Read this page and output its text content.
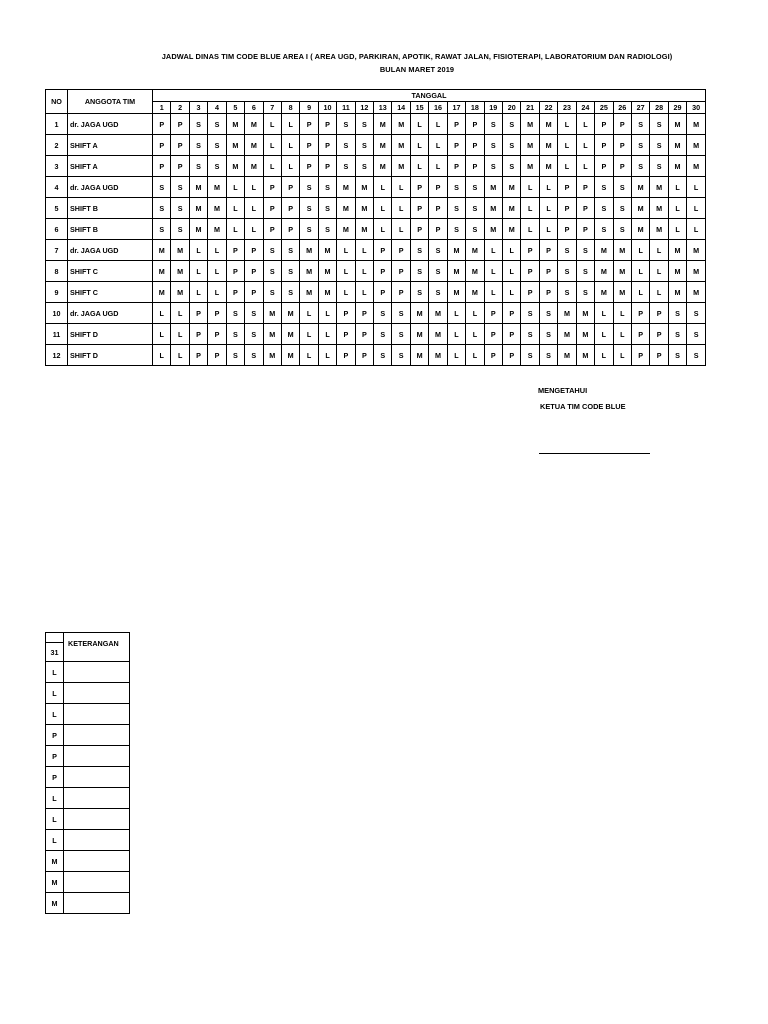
JADWAL DINAS TIM CODE BLUE AREA I ( AREA UGD, PARKIRAN, APOTIK, RAWAT JALAN, FISIOTERAPI, LABORATORIUM DAN RADIOLOGI)
BULAN MARET 2019
NO	ANGGOTA TIM	TANGGAL																													
		1	2	3	4	5	6	7	8	9	10	11	12	13	14	15	16	17	18	19	20	21	22	23	24	25	26	27	28	29	30
1	dr. JAGA UGD	P	P	S	S	M	M	L	L	P	P	S	S	M	M	L	L	P	P	S	S	M	M	L	L	P	P	S	S	M	M
2	SHIFT A	P	P	S	S	M	M	L	L	P	P	S	S	M	M	L	L	P	P	S	S	M	M	L	L	P	P	S	S	M	M
3	SHIFT A	P	P	S	S	M	M	L	L	P	P	S	S	M	M	L	L	P	P	S	S	M	M	L	L	P	P	S	S	M	M
4	dr. JAGA UGD	S	S	M	M	L	L	P	P	S	S	M	M	L	L	P	P	S	S	M	M	L	L	P	P	S	S	M	M	L	L
5	SHIFT B	S	S	M	M	L	L	P	P	S	S	M	M	L	L	P	P	S	S	M	M	L	L	P	P	S	S	M	M	L	L
6	SHIFT B	S	S	M	M	L	L	P	P	S	S	M	M	L	L	P	P	S	S	M	M	L	L	P	P	S	S	M	M	L	L
7	dr. JAGA UGD	M	M	L	L	P	P	S	S	M	M	L	L	P	P	S	S	M	M	L	L	P	P	S	S	M	M	L	L	M	M
8	SHIFT C	M	M	L	L	P	P	S	S	M	M	L	L	P	P	S	S	M	M	L	L	P	P	S	S	M	M	L	L	M	M
9	SHIFT C	M	M	L	L	P	P	S	S	M	M	L	L	P	P	S	S	M	M	L	L	P	P	S	S	M	M	L	L	M	M
10	dr. JAGA UGD	L	L	P	P	S	S	M	M	L	L	P	P	S	S	M	M	L	L	P	P	S	S	M	M	L	L	P	P	S	S
11	SHIFT D	L	L	P	P	S	S	M	M	L	L	P	P	S	S	M	M	L	L	P	P	S	S	M	M	L	L	P	P	S	S
12	SHIFT D	L	L	P	P	S	S	M	M	L	L	P	P	S	S	M	M	L	L	P	P	S	S	M	M	L	L	P	P	S	S
MENGETAHUI
KETUA TIM CODE BLUE
	KETERANGAN
31	
L	
L	
L	
P	
P	
P	
L	
L	
L	
M	
M	
M	
